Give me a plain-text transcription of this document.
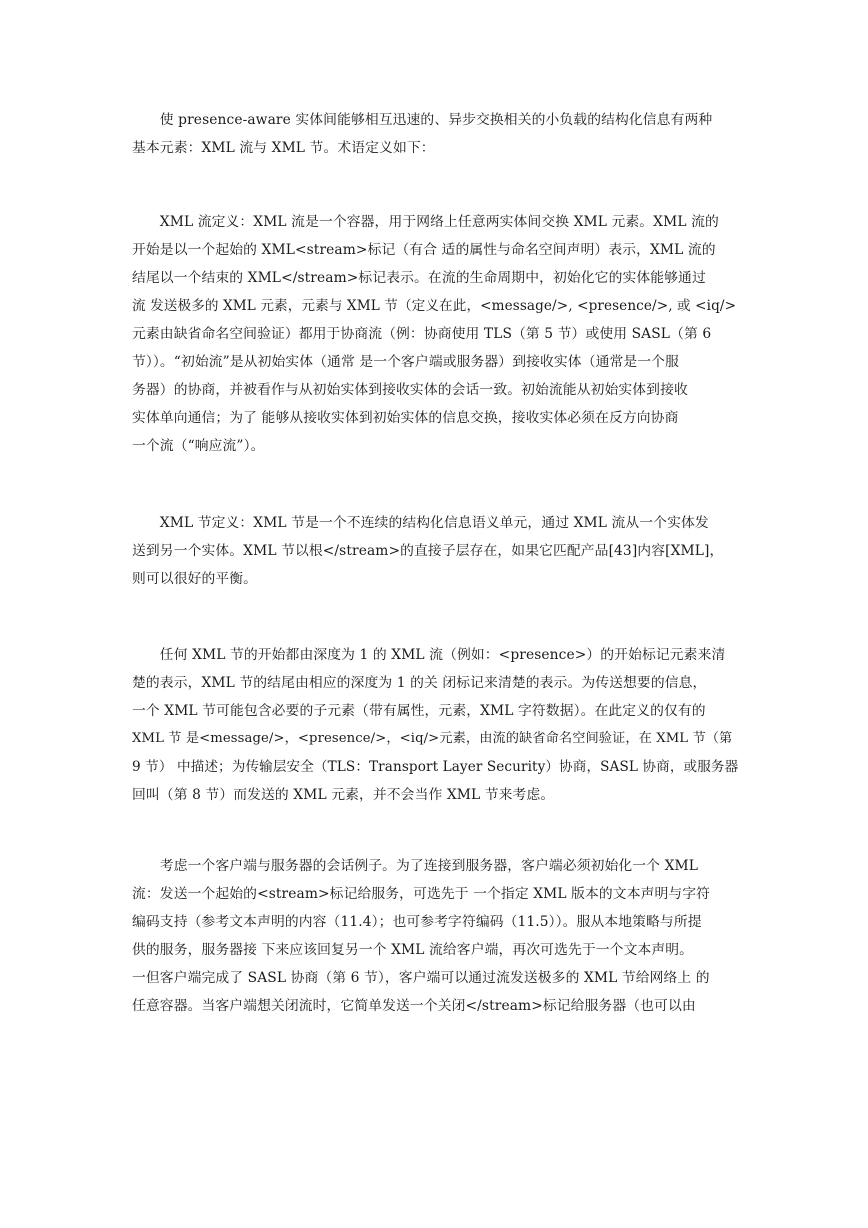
　　使 presence-aware 实体间能够相互迅速的、异步交换相关的小负载的结构化信息有两种
基本元素：XML 流与 XML 节。术语定义如下：
　　XML 流定义：XML 流是一个容器，用于网络上任意两实体间交换 XML 元素。XML 流的
开始是以一个起始的 XML<stream>标记（有合 适的属性与命名空间声明）表示，XML 流的
结尾以一个结束的 XML</stream>标记表示。在流的生命周期中，初始化它的实体能够通过
流 发送极多的 XML 元素，元素与 XML 节（定义在此，<message/>, <presence/>, 或 <iq/>
元素由缺省命名空间验证）都用于协商流（例：协商使用 TLS（第 5 节）或使用 SASL（第 6
节））。“初始流”是从初始实体（通常 是一个客户端或服务器）到接收实体（通常是一个服
务器）的协商，并被看作与从初始实体到接收实体的会话一致。初始流能从初始实体到接收
实体单向通信；为了 能够从接收实体到初始实体的信息交换，接收实体必须在反方向协商
一个流（“响应流”）。
　　XML 节定义：XML 节是一个不连续的结构化信息语义单元，通过 XML 流从一个实体发
送到另一个实体。XML 节以根</stream>的直接子层存在，如果它匹配产品[43]内容[XML]，
则可以很好的平衡。
　　任何 XML 节的开始都由深度为 1 的 XML 流（例如：<presence>）的开始标记元素来清
楚的表示，XML 节的结尾由相应的深度为 1 的关 闭标记来清楚的表示。为传送想要的信息，
一个 XML 节可能包含必要的子元素（带有属性，元素，XML 字符数据）。在此定义的仅有的
XML 节 是<message/>，<presence/>，<iq/>元素，由流的缺省命名空间验证，在 XML 节（第
9 节） 中描述；为传输层安全（TLS：Transport Layer Security）协商，SASL 协商，或服务器
回叫（第 8 节）而发送的 XML 元素，并不会当作 XML 节来考虑。
　　考虑一个客户端与服务器的会话例子。为了连接到服务器，客户端必须初始化一个 XML
流：发送一个起始的<stream>标记给服务，可选先于 一个指定 XML 版本的文本声明与字符
编码支持（参考文本声明的内容（11.4）；也可参考字符编码（11.5））。服从本地策略与所提
供的服务，服务器接 下来应该回复另一个 XML 流给客户端，再次可选先于一个文本声明。
一但客户端完成了 SASL 协商（第 6 节），客户端可以通过流发送极多的 XML 节给网络上 的
任意容器。当客户端想关闭流时，它简单发送一个关闭</stream>标记给服务器（也可以由
